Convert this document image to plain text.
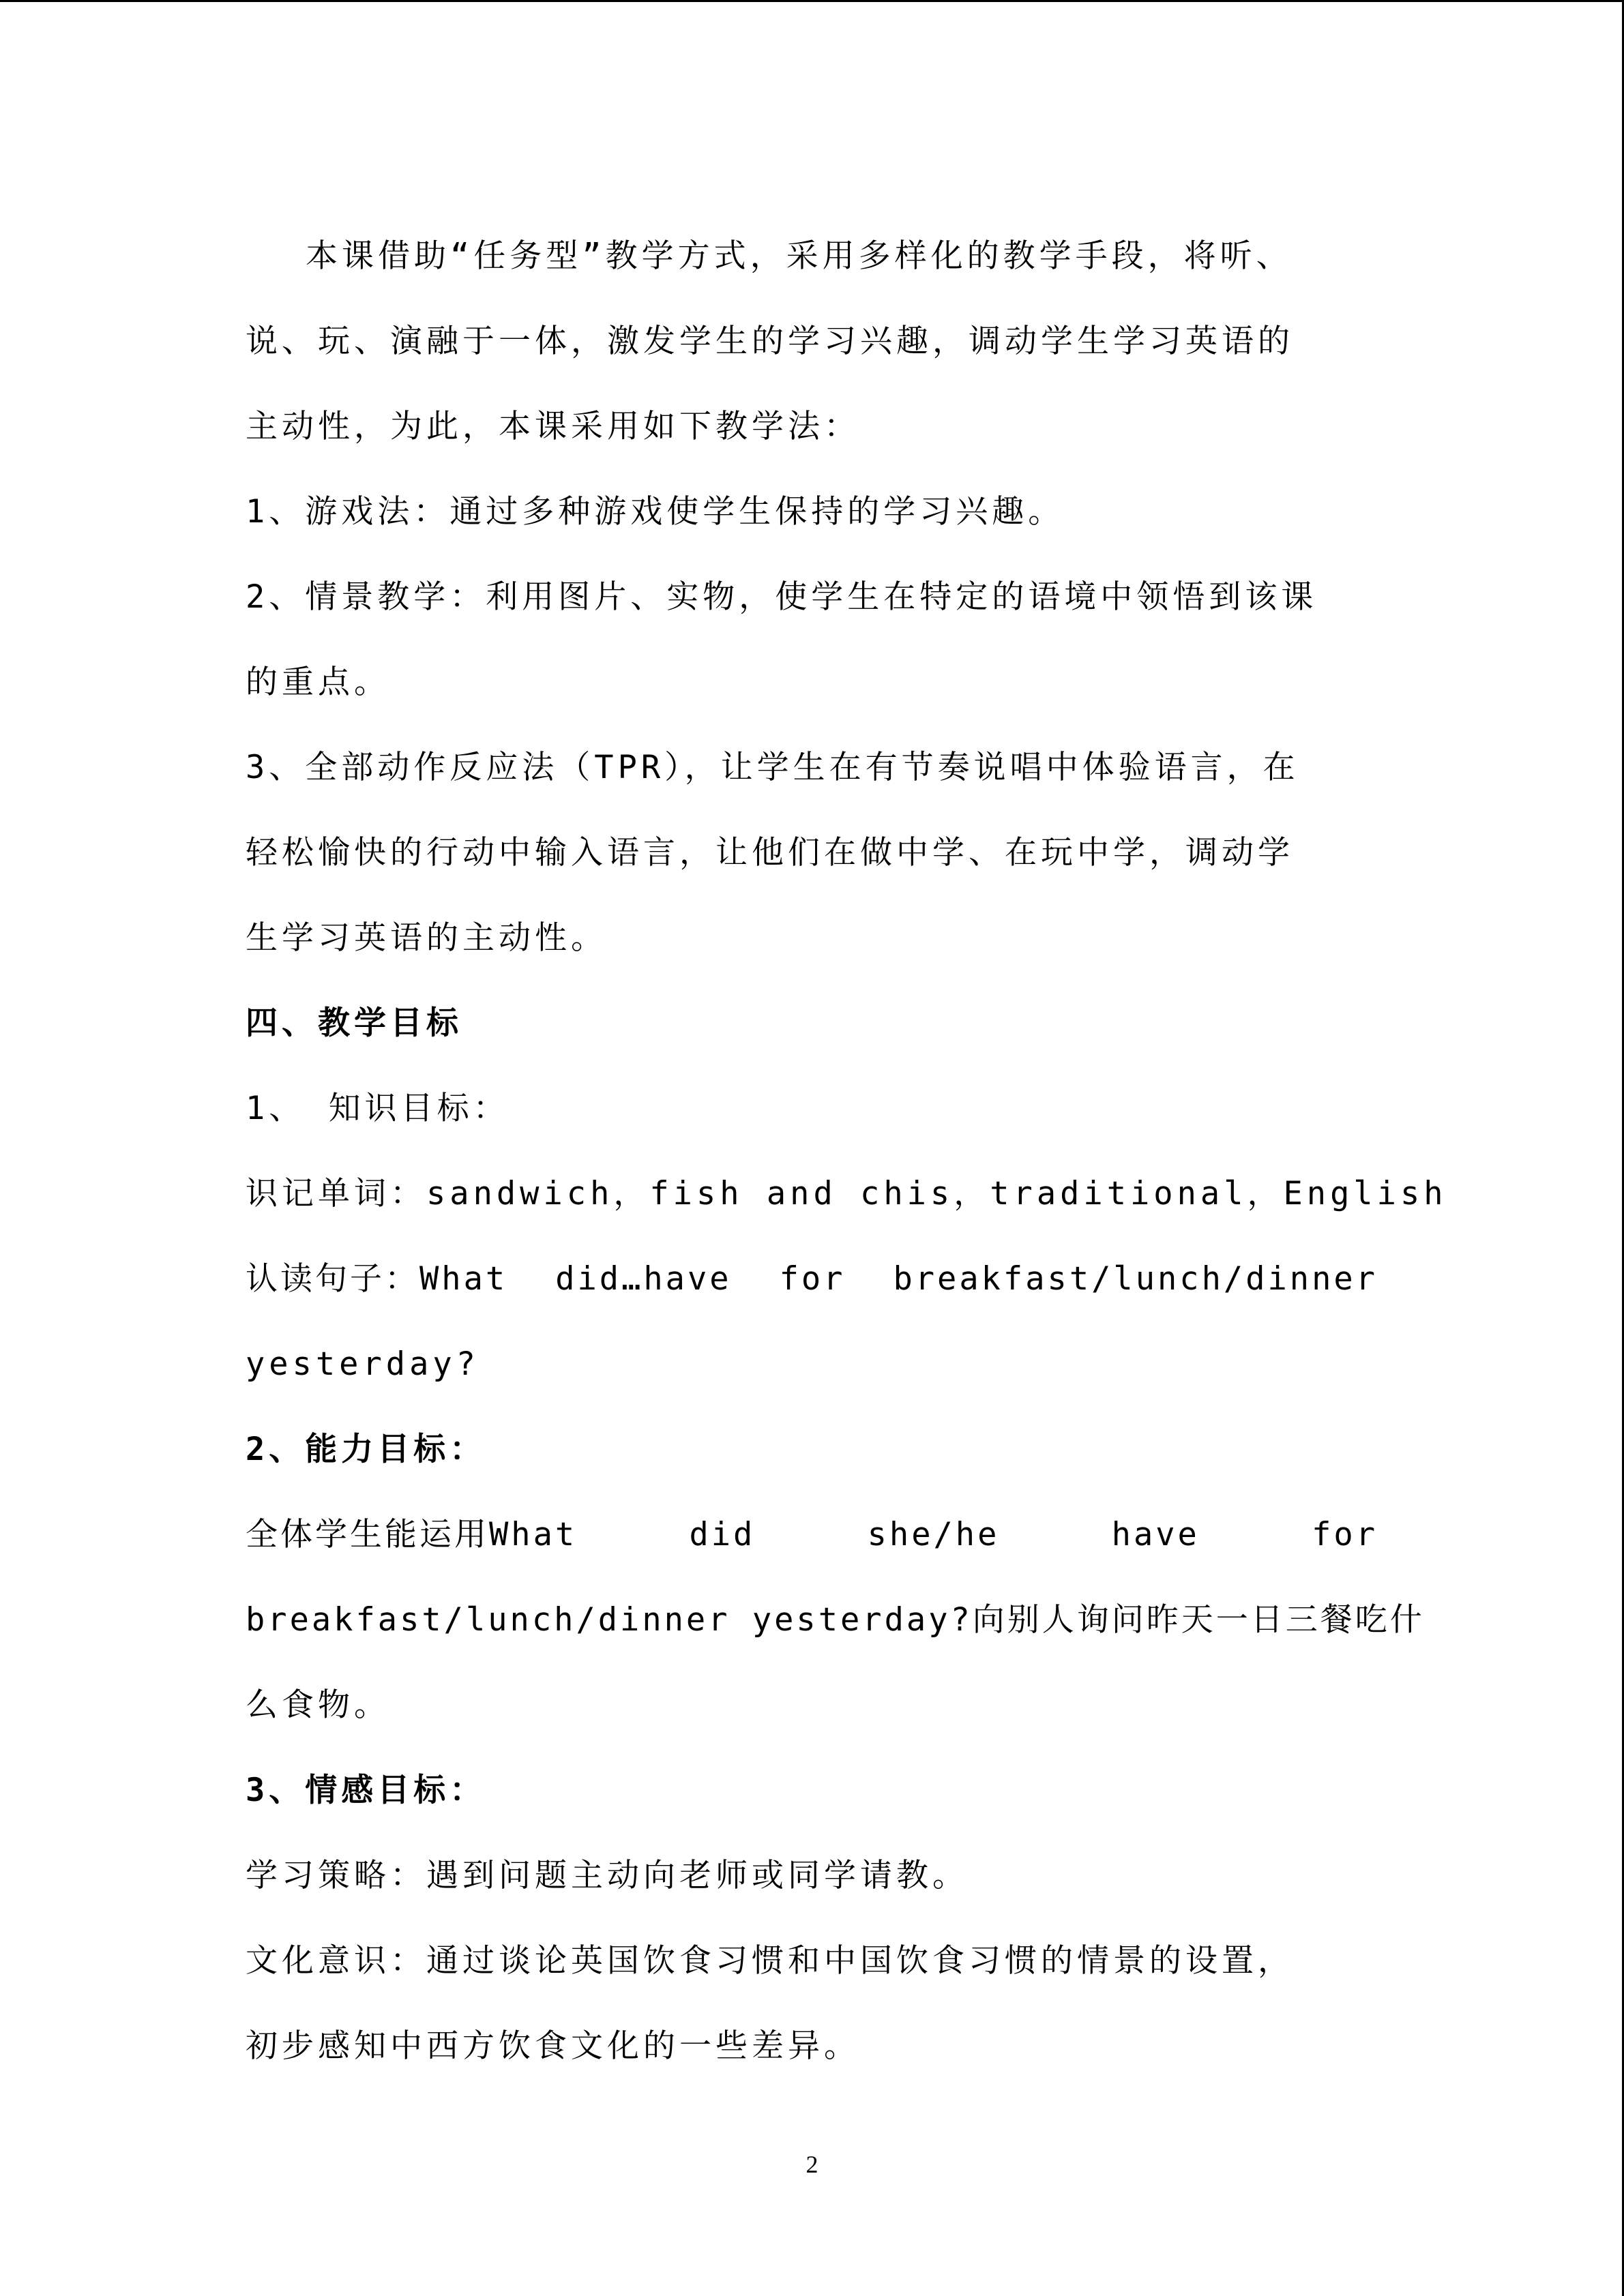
本课借助“任务型”教学方式，采用多样化的教学手段，将听、
说、玩、演融于一体，激发学生的学习兴趣，调动学生学习英语的
主动性，为此，本课采用如下教学法：
1、游戏法：通过多种游戏使学生保持的学习兴趣。
2、情景教学：利用图片、实物，使学生在特定的语境中领悟到该课
的重点。
3、全部动作反应法（TPR），让学生在有节奏说唱中体验语言，在
轻松愉快的行动中输入语言，让他们在做中学、在玩中学，调动学
生学习英语的主动性。
四、教学目标
1、 知识目标：
识记单词：sandwich，fish and chis，traditional，English
认读句子：What did…have for breakfast/lunch/dinner
yesterday?
2、能力目标：
全体学生能运用What	did	she/he	have	for
breakfast/lunch/dinner yesterday?向别人询问昨天一日三餐吃什
么食物。
3、情感目标：
学习策略：遇到问题主动向老师或同学请教。
文化意识：通过谈论英国饮食习惯和中国饮食习惯的情景的设置，
初步感知中西方饮食文化的一些差异。
2
